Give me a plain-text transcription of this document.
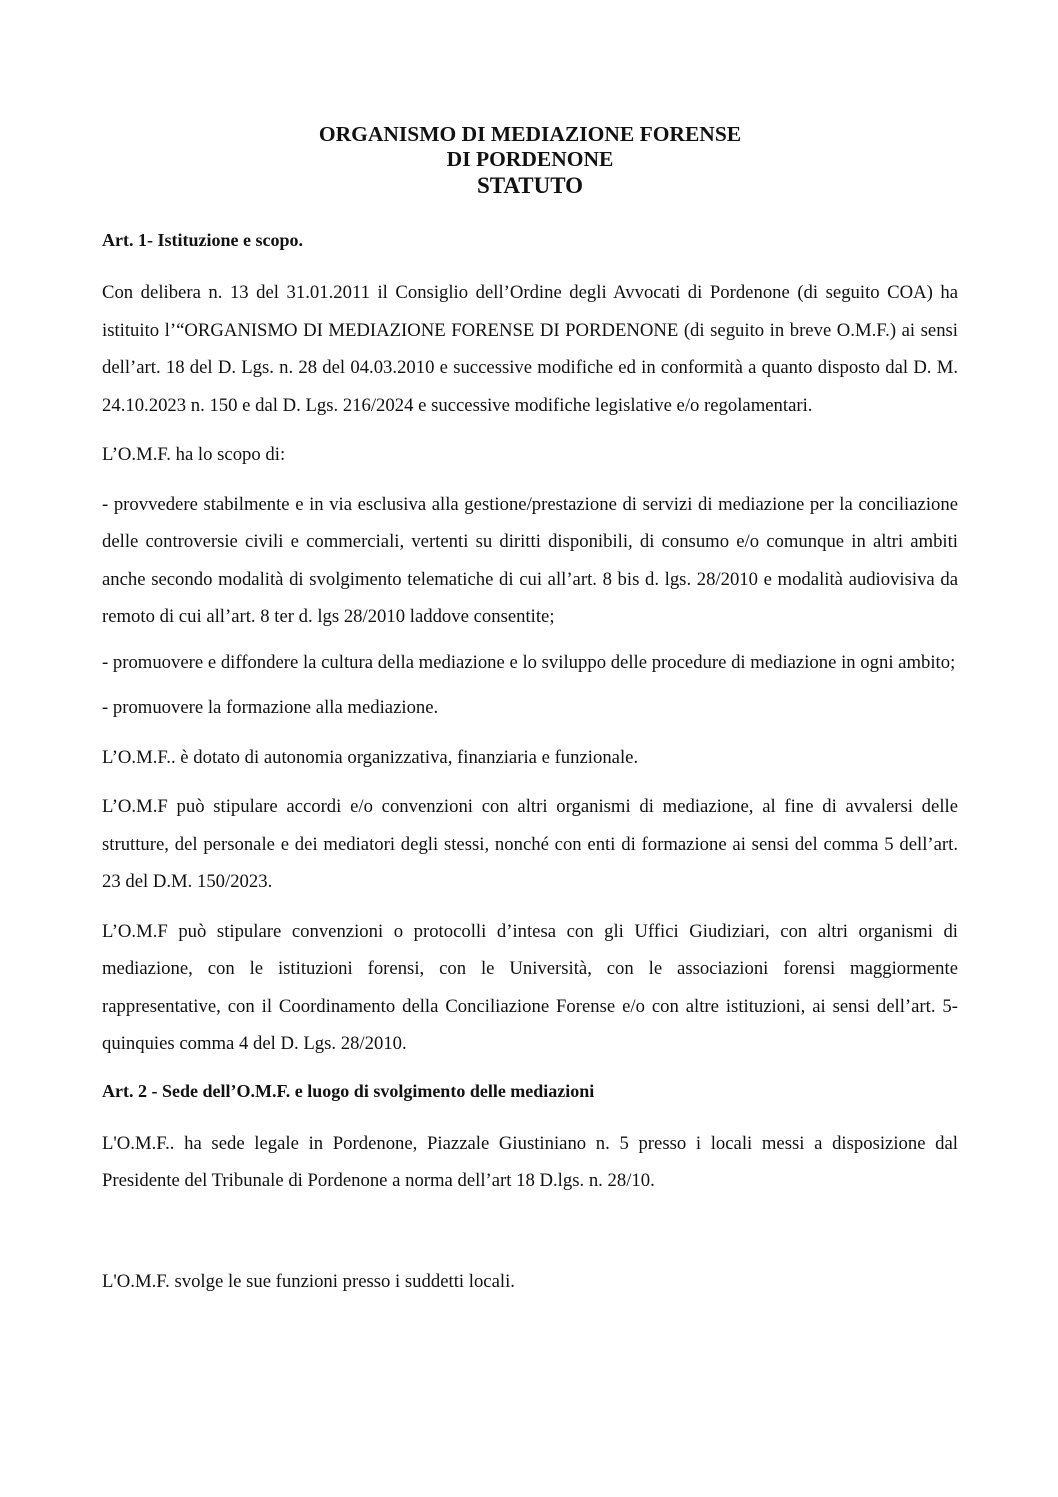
ORGANISMO DI MEDIAZIONE FORENSE
DI PORDENONE
STATUTO
Art. 1- Istituzione e scopo.

Con delibera n. 13 del 31.01.2011 il Consiglio dell’Ordine degli Avvocati di Pordenone (di seguito COA) ha istituito l’“ORGANISMO DI MEDIAZIONE FORENSE DI PORDENONE (di seguito in breve O.M.F.) ai sensi dell’art. 18 del D. Lgs. n. 28 del 04.03.2010 e successive modifiche ed in conformità a quanto disposto dal D. M. 24.10.2023 n. 150 e dal D. Lgs. 216/2024 e successive modifiche legislative e/o regolamentari.

L’O.M.F. ha lo scopo di:

- provvedere stabilmente e in via esclusiva alla gestione/prestazione di servizi di mediazione per la conciliazione delle controversie civili e commerciali, vertenti su diritti disponibili, di consumo e/o comunque in altri ambiti anche secondo modalità di svolgimento telematiche di cui all’art. 8 bis d. lgs. 28/2010 e modalità audiovisiva da remoto di cui all’art. 8 ter d. lgs 28/2010 laddove consentite;

- promuovere e diffondere la cultura della mediazione e lo sviluppo delle procedure di mediazione in ogni ambito;

- promuovere la formazione alla mediazione.

L’O.M.F.. è dotato di autonomia organizzativa, finanziaria e funzionale.

L’O.M.F può stipulare accordi e/o convenzioni con altri organismi di mediazione, al fine di avvalersi delle strutture, del personale e dei mediatori degli stessi, nonché con enti di formazione ai sensi del comma 5 dell’art. 23 del D.M. 150/2023.

L’O.M.F può stipulare convenzioni o protocolli d’intesa con gli Uffici Giudiziari, con altri organismi di mediazione, con le istituzioni forensi, con le Università, con le associazioni forensi maggiormente rappresentative, con il Coordinamento della Conciliazione Forense e/o con altre istituzioni, ai sensi dell’art. 5-quinquies comma 4 del D. Lgs. 28/2010.

Art. 2 - Sede dell’O.M.F. e luogo di svolgimento delle mediazioni

L'O.M.F.. ha sede legale in Pordenone, Piazzale Giustiniano n. 5 presso i locali messi a disposizione dal Presidente del Tribunale di Pordenone a norma dell’art 18 D.lgs. n. 28/10.

L'O.M.F. svolge le sue funzioni presso i suddetti locali.
